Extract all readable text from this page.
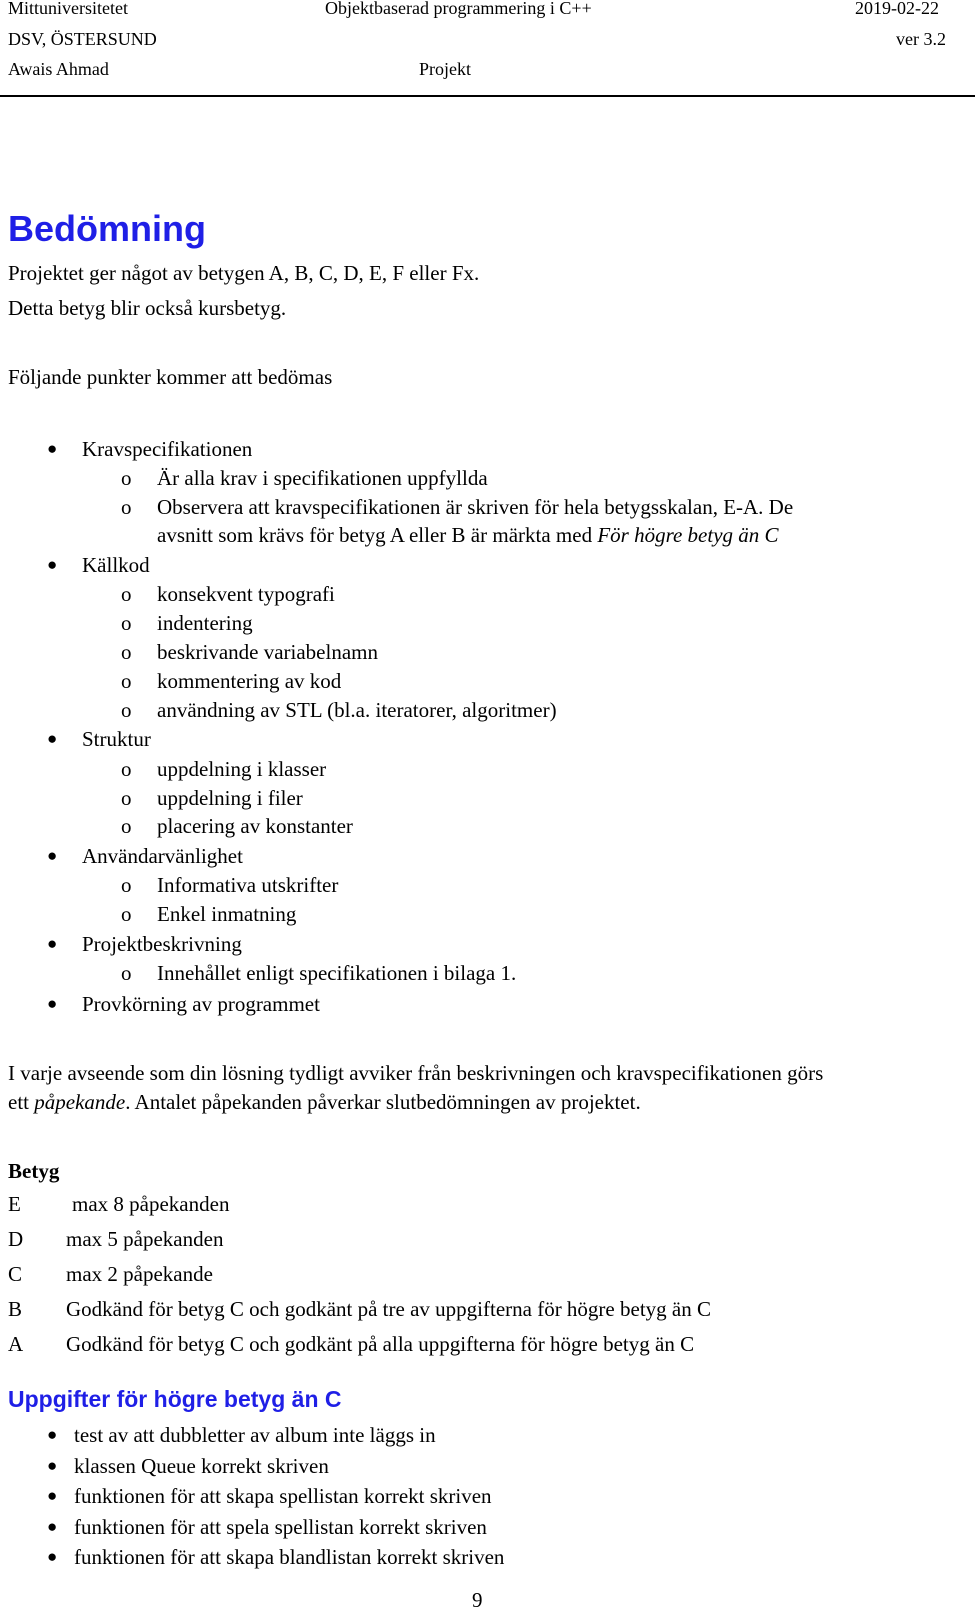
Mittuniversitetet	Objektbaserad programmering i C++	2019-02-22
DSV, ÖSTERSUND	ver 3.2
Awais Ahmad	Projekt
Bedömning
Projektet ger något av betygen A, B, C, D, E, F eller Fx.
Detta betyg blir också kursbetyg.
Följande punkter kommer att bedömas
● Kravspecifikationen
o Är alla krav i specifikationen uppfyllda
o Observera att kravspecifikationen är skriven för hela betygsskalan, E-A. De
avsnitt som krävs för betyg A eller B är märkta med För högre betyg än C
● Källkod
o konsekvent typografi
o indentering
o beskrivande variabelnamn
o kommentering av kod
o användning av STL (bl.a. iteratorer, algoritmer)
● Struktur
o uppdelning i klasser
o uppdelning i filer
o placering av konstanter
● Användarvänlighet
o Informativa utskrifter
o Enkel inmatning
● Projektbeskrivning
o Innehållet enligt specifikationen i bilaga 1.
● Provkörning av programmet
I varje avseende som din lösning tydligt avviker från beskrivningen och kravspecifikationen görs
ett påpekande. Antalet påpekanden påverkar slutbedömningen av projektet.
Betyg
E max 8 påpekanden
D max 5 påpekanden
C max 2 påpekande
B Godkänd för betyg C och godkänt på tre av uppgifterna för högre betyg än C
A Godkänd för betyg C och godkänt på alla uppgifterna för högre betyg än C
Uppgifter för högre betyg än C
● test av att dubbletter av album inte läggs in
● klassen Queue korrekt skriven
● funktionen för att skapa spellistan korrekt skriven
● funktionen för att spela spellistan korrekt skriven
● funktionen för att skapa blandlistan korrekt skriven
9
